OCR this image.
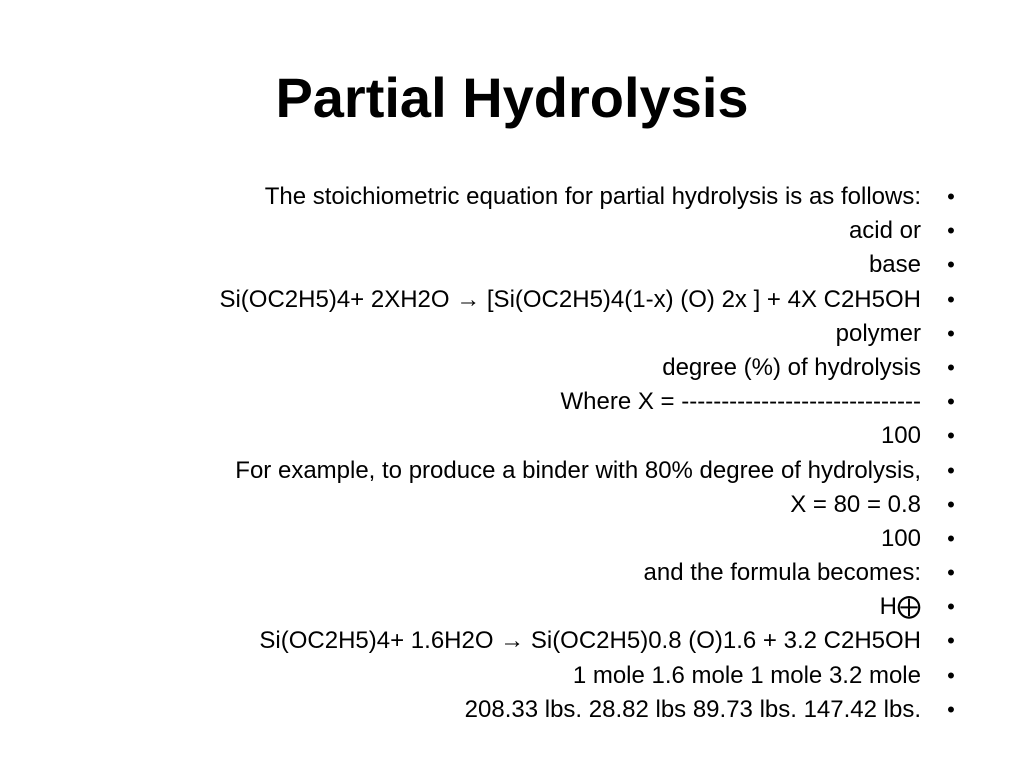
Partial Hydrolysis
The stoichiometric equation for partial hydrolysis is as follows:	•
acid or	•
base	•
Si(OC2H5)4+ 2XH2O → [Si(OC2H5)4(1-x) (O) 2x ] + 4X C2H5OH	•
polymer	•
degree (%) of hydrolysis	•
Where X = ------------------------------	•
100	•
For example, to produce a binder with 80% degree of hydrolysis,	•
X = 80 = 0.8	•
100	•
and the formula becomes:	•
H⨁	•
Si(OC2H5)4+ 1.6H2O → Si(OC2H5)0.8 (O)1.6 + 3.2 C2H5OH	•
1 mole 1.6 mole 1 mole 3.2 mole	•
208.33 lbs. 28.82 lbs 89.73 lbs. 147.42 lbs.	•
